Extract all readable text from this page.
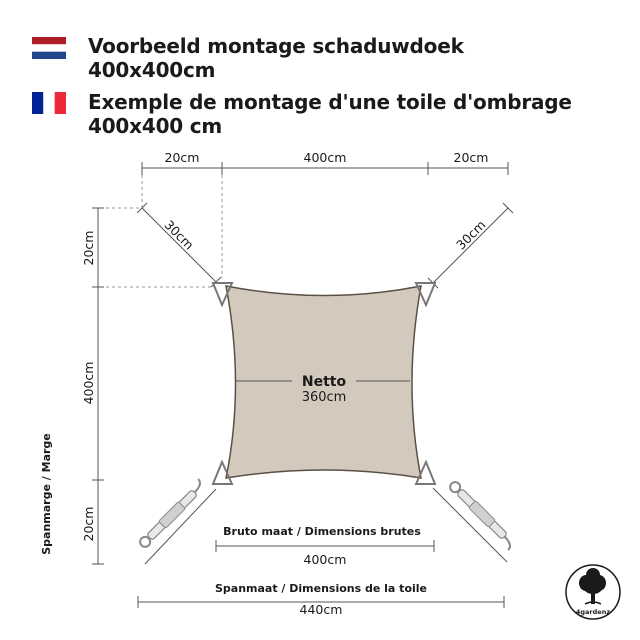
Voorbeeld montage schaduwdoek
400x400cm
Exemple de montage d'une toile d'ombrage
400x400 cm
20cm	400cm	20cm
20cm
400cm
20cm
Spanmarge / Marge
30cm	30cm
Netto
360cm
Bruto maat / Dimensions brutes
400cm
Spanmaat / Dimensions de la toile
440cm	4gardenz
